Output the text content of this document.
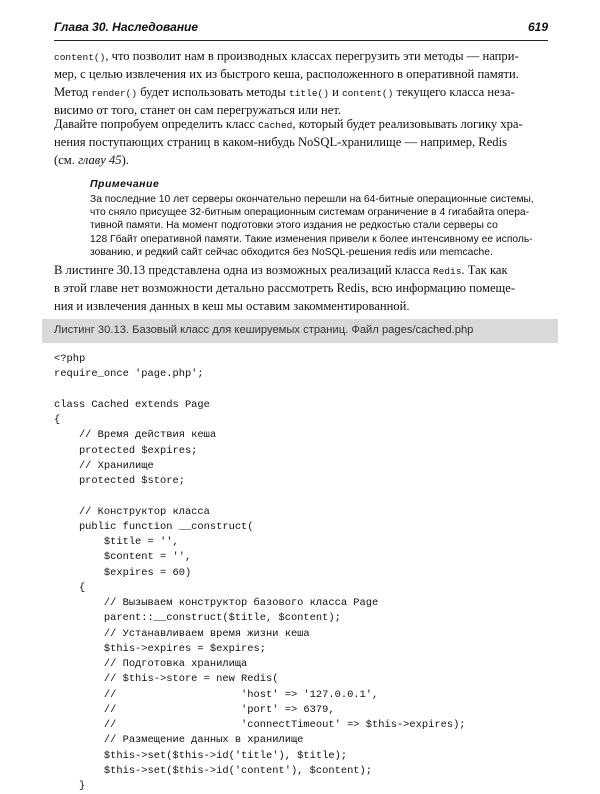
Глава 30. Наследование	619
content(), что позволит нам в производных классах перегрузить эти методы — напри-
мер, с целью извлечения их из быстрого кеша, расположенного в оперативной памяти.
Метод render() будет использовать методы title() и content() текущего класса неза-
висимо от того, станет он сам перегружаться или нет.
Давайте попробуем определить класс Cached, который будет реализовывать логику хра-
нения поступающих страниц в каком-нибудь NoSQL-хранилище — например, Redis
(см. главу 45).
Примечание
За последние 10 лет серверы окончательно перешли на 64-битные операционные системы,
что сняло присущее 32-битным операционным системам ограничение в 4 гигабайта опера-
тивной памяти. На момент подготовки этого издания не редкостью стали серверы со
128 Гбайт оперативной памяти. Такие изменения привели к более интенсивному ее исполь-
зованию, и редкий сайт сейчас обходится без NoSQL-решения redis или memcache.
В листинге 30.13 представлена одна из возможных реализаций класса Redis. Так как
в этой главе нет возможности детально рассмотреть Redis, всю информацию помеще-
ния и извлечения данных в кеш мы оставим закомментированной.
Листинг 30.13. Базовый класс для кешируемых страниц. Файл pages/cached.php
<?php
require_once 'page.php';
class Cached extends Page
{
// Время действия кеша
protected $expires;
// Хранилище
protected $store;
// Конструктор класса
public function __construct(
$title = '',
$content = '',
$expires = 60)
{
// Вызываем конструктор базового класса Page
parent::__construct($title, $content);
// Устанавливаем время жизни кеша
$this->expires = $expires;
// Подготовка хранилища
// $this->store = new Redis(
//                    'host' => '127.0.0.1',
//                    'port' => 6379,
//                    'connectTimeout' => $this->expires);
// Размещение данных в хранилище
$this->set($this->id('title'), $title);
$this->set($this->id('content'), $content);
}
